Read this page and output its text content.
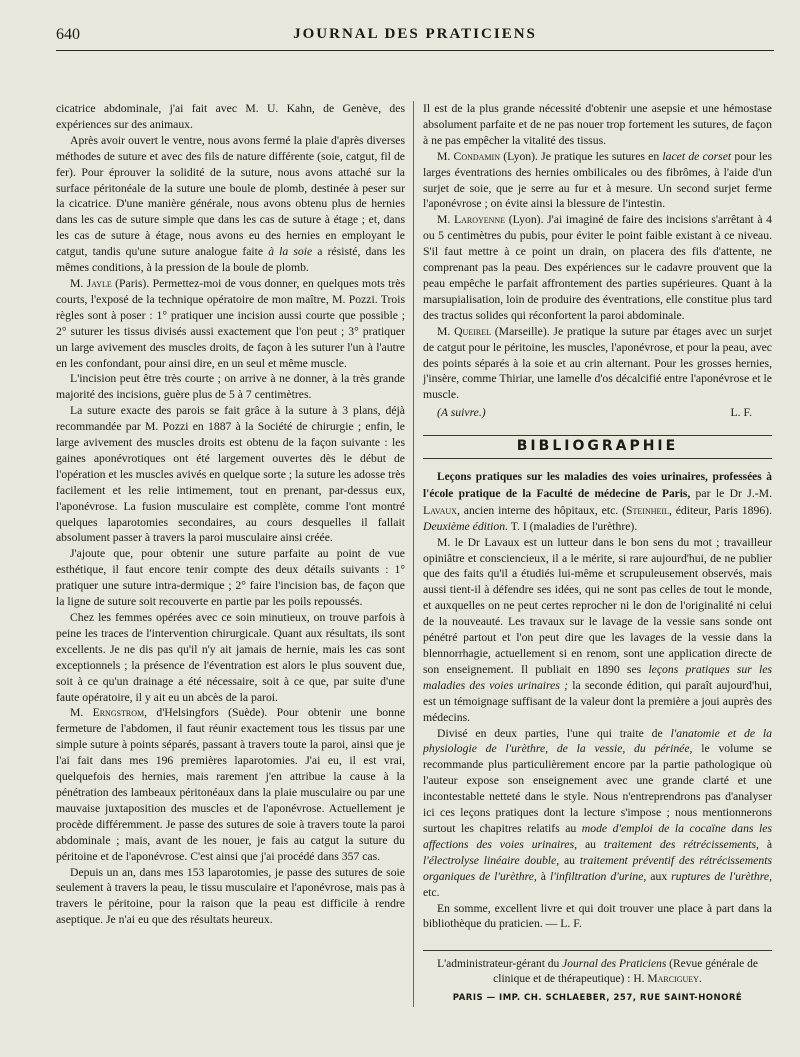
640	JOURNAL DES PRATICIENS

cicatrice abdominale, j'ai fait avec M. U. Kahn, de Genève, des expériences sur des animaux.

Après avoir ouvert le ventre, nous avons fermé la plaie d'après diverses méthodes de suture et avec des fils de nature différente (soie, catgut, fil de fer). Pour éprouver la solidité de la suture, nous avons attaché sur la surface péritonéale de la suture une boule de plomb, destinée à peser sur la cicatrice. D'une manière générale, nous avons obtenu plus de hernies dans les cas de suture simple que dans les cas de suture à étage ; et, dans les cas de suture à étage, nous avons eu des hernies en employant le catgut, tandis qu'une suture analogue faite à la soie a résisté, dans les mêmes conditions, à la pression de la boule de plomb.

M. Jayle (Paris). Permettez-moi de vous donner, en quelques mots très courts, l'exposé de la technique opératoire de mon maître, M. Pozzi. Trois règles sont à poser : 1° pratiquer une incision aussi courte que possible ; 2° suturer les tissus divisés aussi exactement que l'on peut ; 3° pratiquer un large avivement des muscles droits, de façon à les suturer l'un à l'autre en les confondant, pour ainsi dire, en un seul et même muscle.

L'incision peut être très courte ; on arrive à ne donner, à la très grande majorité des incisions, guère plus de 5 à 7 centimètres.

La suture exacte des parois se fait grâce à la suture à 3 plans, déjà recommandée par M. Pozzi en 1887 à la Société de chirurgie ; enfin, le large avivement des muscles droits est obtenu de la façon suivante : les gaines aponévrotiques ont été largement ouvertes dès le début de l'opération et les muscles avivés en quelque sorte ; la suture les adosse très facilement et les relie intimement, tout en prenant, par-dessus eux, l'aponévrose. La fusion musculaire est complète, comme l'ont montré quelques laparotomies secondaires, au cours desquelles il fallait absolument passer à travers la paroi musculaire ainsi créée.

J'ajoute que, pour obtenir une suture parfaite au point de vue esthétique, il faut encore tenir compte des deux détails suivants : 1° pratiquer une suture intra-dermique ; 2° faire l'incision bas, de façon que la ligne de suture soit recouverte en partie par les poils repoussés.

Chez les femmes opérées avec ce soin minutieux, on trouve parfois à peine les traces de l'intervention chirurgicale. Quant aux résultats, ils sont excellents. Je ne dis pas qu'il n'y ait jamais de hernie, mais les cas sont exceptionnels ; la présence de l'éventration est alors le plus souvent due, soit à ce qu'un drainage a été nécessaire, soit à ce que, par suite d'une faute opératoire, il y ait eu un abcès de la paroi.

M. Erngstrom, d'Helsingfors (Suède). Pour obtenir une bonne fermeture de l'abdomen, il faut réunir exactement tous les tissus par une simple suture à points séparés, passant à travers toute la paroi, ainsi que je l'ai fait dans mes 196 premières laparotomies. J'ai eu, il est vrai, quelquefois des hernies, mais rarement j'en attribue la cause à la pénétration des lambeaux péritonéaux dans la plaie musculaire ou par une mauvaise juxtaposition des muscles et de l'aponévrose. Actuellement je procède différemment. Je passe des sutures de soie à travers toute la paroi abdominale ; mais, avant de les nouer, je fais au catgut la suture du péritoine et de l'aponévrose. C'est ainsi que j'ai procédé dans 357 cas.

Depuis un an, dans mes 153 laparotomies, je passe des sutures de soie seulement à travers la peau, le tissu musculaire et l'aponévrose, mais pas à travers le péritoine, pour la raison que la peau est difficile à rendre aseptique. Je n'ai eu que des résultats heureux.

Il est de la plus grande nécessité d'obtenir une asepsie et une hémostase absolument parfaite et de ne pas nouer trop fortement les sutures, de façon à ne pas empêcher la vitalité des tissus.

M. Condamin (Lyon). Je pratique les sutures en lacet de corset pour les larges éventrations des hernies ombilicales ou des fibrômes, à l'aide d'un surjet de soie, que je serre au fur et à mesure. Un second surjet ferme l'aponévrose ; on évite ainsi la blessure de l'intestin.

M. Laroyenne (Lyon). J'ai imaginé de faire des incisions s'arrêtant à 4 ou 5 centimètres du pubis, pour éviter le point faible existant à ce niveau. S'il faut mettre à ce point un drain, on placera des fils d'attente, ne comprenant pas la peau. Des expériences sur le cadavre prouvent que la peau empêche le parfait affrontement des parties supérieures. Quant à la marsupialisation, loin de produire des éventrations, elle constitue plus tard des tractus solides qui réconfortent la paroi abdominale.

M. Queirel (Marseille). Je pratique la suture par étages avec un surjet de catgut pour le péritoine, les muscles, l'aponévrose, et pour la peau, avec des points séparés à la soie et au crin alternant. Pour les grosses hernies, j'insère, comme Thiriar, une lamelle d'os décalcifié entre l'aponévrose et le muscle.

(A suivre.)	L. F.
BIBLIOGRAPHIE

Leçons pratiques sur les maladies des voies urinaires, professées à l'école pratique de la Faculté de médecine de Paris, par le Dr J.-M. Lavaux, ancien interne des hôpitaux, etc. (Steinheil, éditeur, Paris 1896). Deuxième édition. T. I (maladies de l'urèthre).

M. le Dr Lavaux est un lutteur dans le bon sens du mot ; travailleur opiniâtre et consciencieux, il a le mérite, si rare aujourd'hui, de ne publier que des faits qu'il a étudiés lui-même et scrupuleusement observés, mais aussi tient-il à défendre ses idées, qui ne sont pas celles de tout le monde, et auxquelles on ne peut certes reprocher ni le don de l'originalité ni celui de la nouveauté. Les travaux sur le lavage de la vessie sans sonde ont pénétré partout et l'on peut dire que les lavages de la vessie dans la blennorrhagie, actuellement si en renom, sont une application directe de son enseignement. Il publiait en 1890 ses leçons pratiques sur les maladies des voies urinaires ; la seconde édition, qui paraît aujourd'hui, est un témoignage suffisant de la valeur dont la première a joui auprès des médecins.

Divisé en deux parties, l'une qui traite de l'anatomie et de la physiologie de l'urèthre, de la vessie, du périnée, le volume se recommande plus particulièrement encore par la partie pathologique où l'auteur expose son enseignement avec une grande clarté et une incontestable netteté dans le style. Nous n'entreprendrons pas d'analyser ici ces leçons pratiques dont la lecture s'impose ; nous mentionnerons surtout les chapitres relatifs au mode d'emploi de la cocaïne dans les affections des voies urinaires, au traitement des rétrécissements, à l'électrolyse linéaire double, au traitement préventif des rétrécissements organiques de l'urèthre, à l'infiltration d'urine, aux ruptures de l'urèthre, etc.

En somme, excellent livre et qui doit trouver une place à part dans la bibliothèque du praticien. — L. F.

L'administrateur-gérant du Journal des Praticiens (Revue générale de clinique et de thérapeutique) : H. Marciguey.
PARIS — IMP. CH. SCHLAEBER, 257, RUE SAINT-HONORÉ
